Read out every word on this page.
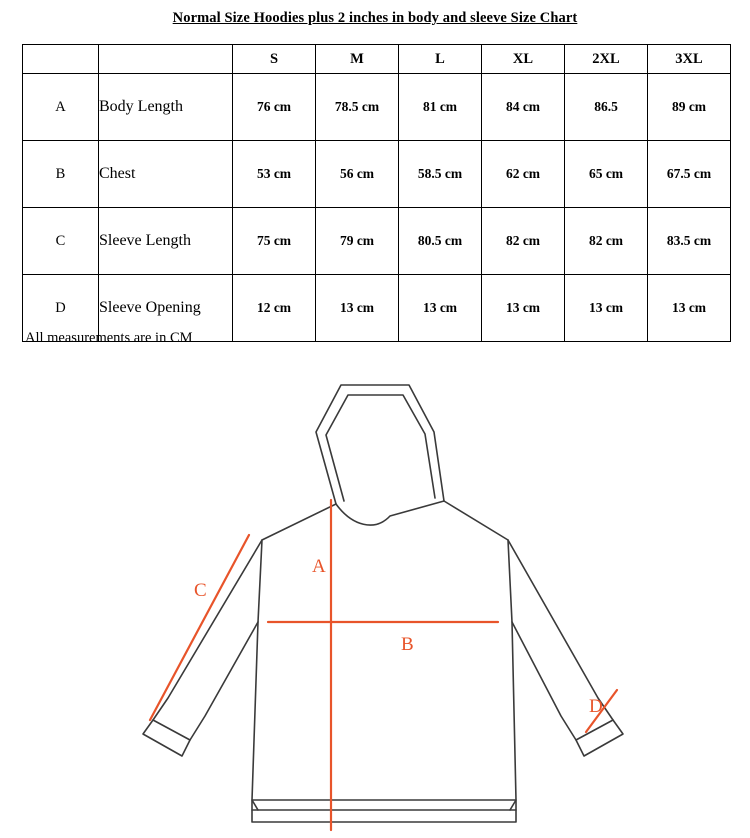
Normal Size Hoodies plus 2 inches in body and sleeve Size Chart
		S	M	L	XL	2XL	3XL
A	Body Length	76 cm	78.5 cm	81 cm	84 cm	86.5	89 cm
B	Chest	53 cm	56 cm	58.5 cm	62 cm	65 cm	67.5 cm
C	Sleeve Length	75 cm	79 cm	80.5 cm	82 cm	82 cm	83.5 cm
D	Sleeve Opening	12 cm	13 cm	13 cm	13 cm	13 cm	13 cm
All measurements are in CM
A
B
C
D
